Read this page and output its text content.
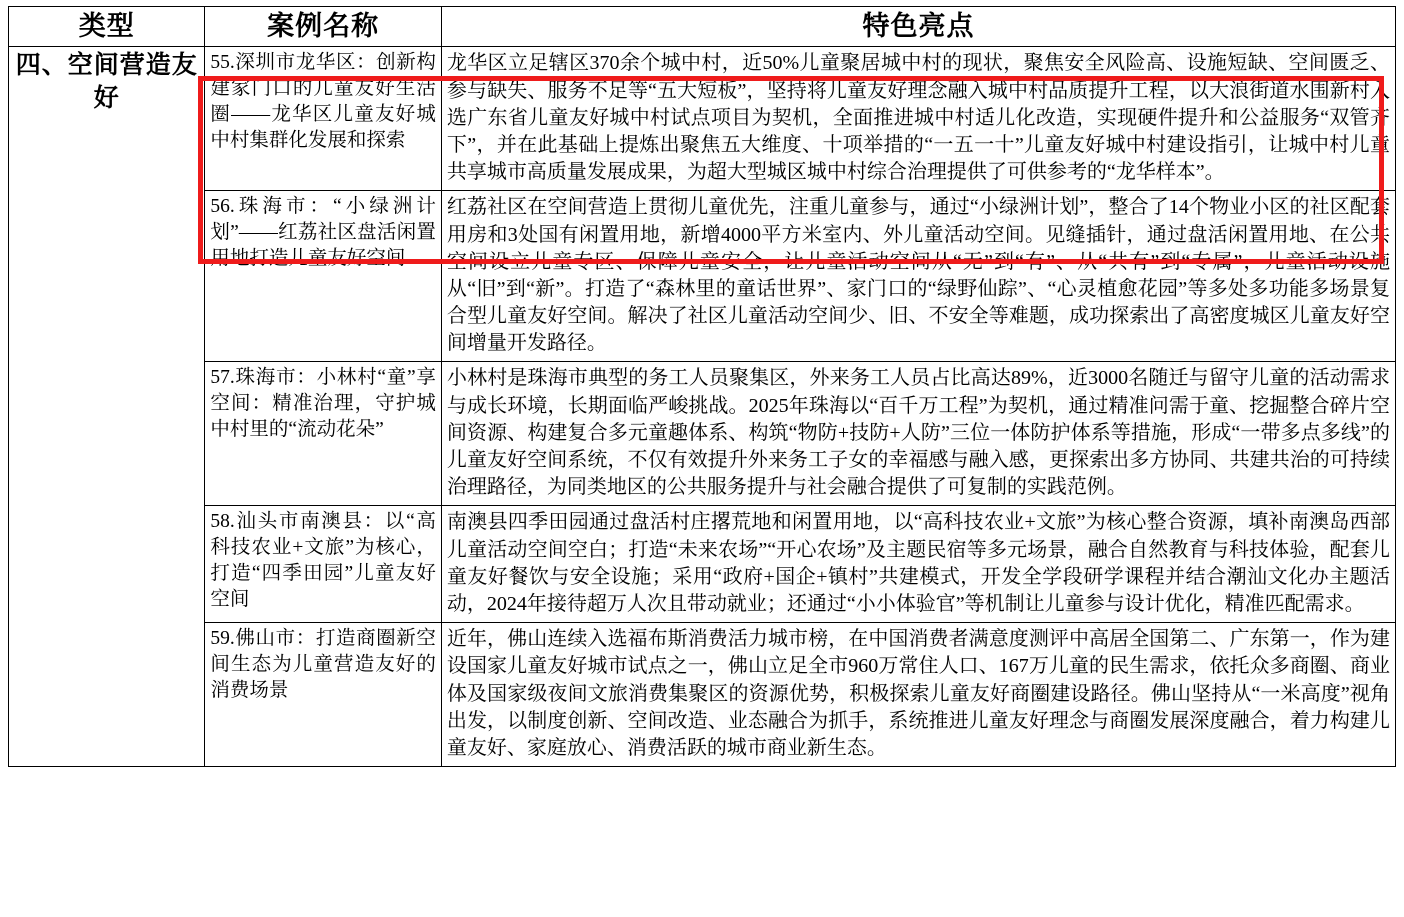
类型	案例名称	特色亮点
四、空间营造友好	55.深圳市龙华区：创新构建家门口的儿童友好生活圈——龙华区儿童友好城中村集群化发展和探索	龙华区立足辖区370余个城中村，近50%儿童聚居城中村的现状，聚焦安全风险高、设施短缺、空间匮乏、参与缺失、服务不足等“五大短板”，坚持将儿童友好理念融入城中村品质提升工程，以大浪街道水围新村入选广东省儿童友好城中村试点项目为契机，全面推进城中村适儿化改造，实现硬件提升和公益服务“双管齐下”，并在此基础上提炼出聚焦五大维度、十项举措的“一五一十”儿童友好城中村建设指引，让城中村儿童共享城市高质量发展成果，为超大型城区城中村综合治理提供了可供参考的“龙华样本”。
	56.珠海市：“小绿洲计划”——红荔社区盘活闲置用地打造儿童友好空间	红荔社区在空间营造上贯彻儿童优先，注重儿童参与，通过“小绿洲计划”，整合了14个物业小区的社区配套用房和3处国有闲置用地，新增4000平方米室内、外儿童活动空间。见缝插针，通过盘活闲置用地、在公共空间设立儿童专区、保障儿童安全，让儿童活动空间从“无”到“有”、从“共有”到“专属”，儿童活动设施从“旧”到“新”。打造了“森林里的童话世界”、家门口的“绿野仙踪”、“心灵植愈花园”等多处多功能多场景复合型儿童友好空间。解决了社区儿童活动空间少、旧、不安全等难题，成功探索出了高密度城区儿童友好空间增量开发路径。
	57.珠海市：小林村“童”享空间：精准治理，守护城中村里的“流动花朵”	小林村是珠海市典型的务工人员聚集区，外来务工人员占比高达89%，近3000名随迁与留守儿童的活动需求与成长环境，长期面临严峻挑战。2025年珠海以“百千万工程”为契机，通过精准问需于童、挖掘整合碎片空间资源、构建复合多元童趣体系、构筑“物防+技防+人防”三位一体防护体系等措施，形成“一带多点多线”的儿童友好空间系统，不仅有效提升外来务工子女的幸福感与融入感，更探索出多方协同、共建共治的可持续治理路径，为同类地区的公共服务提升与社会融合提供了可复制的实践范例。
	58.汕头市南澳县：以“高科技农业+文旅”为核心，打造“四季田园”儿童友好空间	南澳县四季田园通过盘活村庄撂荒地和闲置用地，以“高科技农业+文旅”为核心整合资源，填补南澳岛西部儿童活动空间空白；打造“未来农场”“开心农场”及主题民宿等多元场景，融合自然教育与科技体验，配套儿童友好餐饮与安全设施；采用“政府+国企+镇村”共建模式，开发全学段研学课程并结合潮汕文化办主题活动，2024年接待超万人次且带动就业；还通过“小小体验官”等机制让儿童参与设计优化，精准匹配需求。
	59.佛山市：打造商圈新空间生态为儿童营造友好的消费场景	近年，佛山连续入选福布斯消费活力城市榜，在中国消费者满意度测评中高居全国第二、广东第一，作为建设国家儿童友好城市试点之一，佛山立足全市960万常住人口、167万儿童的民生需求，依托众多商圈、商业体及国家级夜间文旅消费集聚区的资源优势，积极探索儿童友好商圈建设路径。佛山坚持从“一米高度”视角出发，以制度创新、空间改造、业态融合为抓手，系统推进儿童友好理念与商圈发展深度融合，着力构建儿童友好、家庭放心、消费活跃的城市商业新生态。
